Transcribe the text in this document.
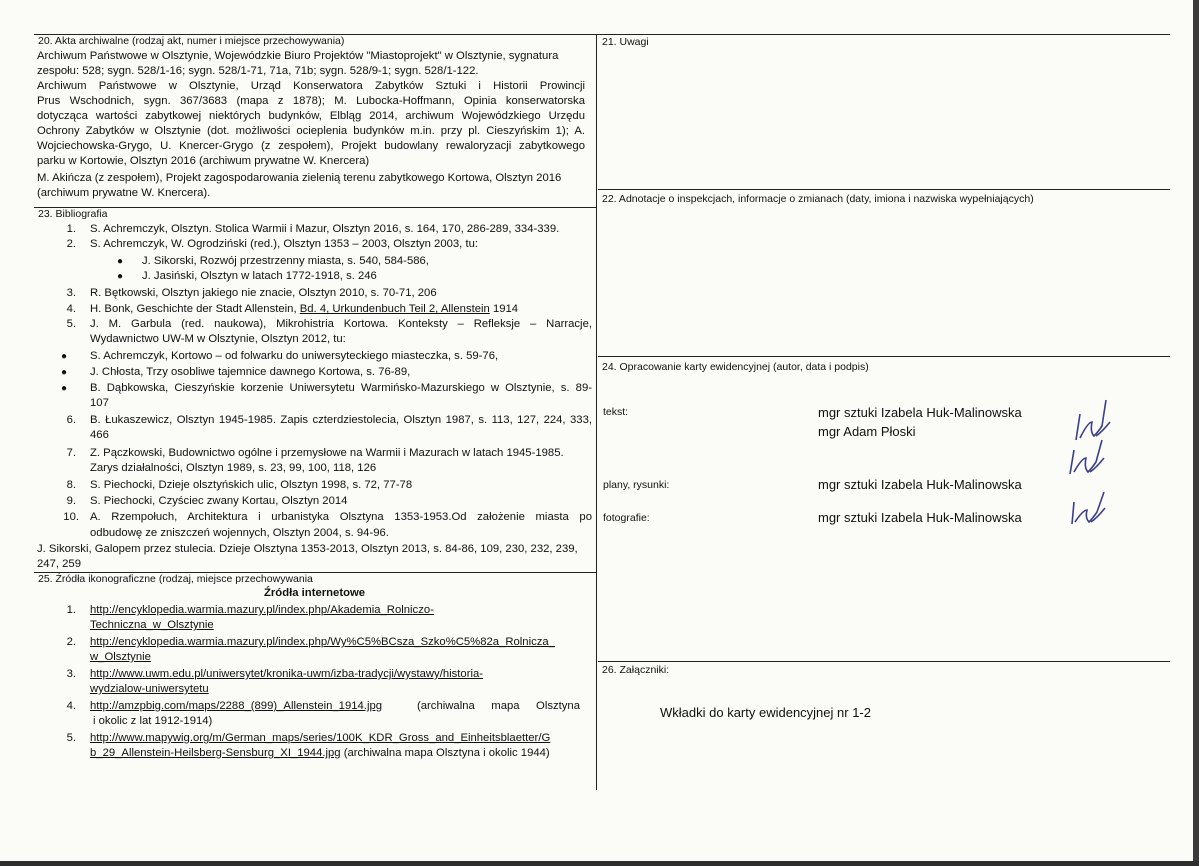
20. Akta archiwalne (rodzaj akt, numer i miejsce przechowywania)
Archiwum Państwowe w Olsztynie, Wojewódzkie Biuro Projektów "Miastoprojekt" w Olsztynie, sygnatura
zespołu: 528; sygn. 528/1-16; sygn. 528/1-71, 71a, 71b; sygn. 528/9-1; sygn. 528/1-122.
Archiwum Państwowe w Olsztynie, Urząd Konserwatora Zabytków Sztuki i Historii Prowincji
Prus Wschodnich, sygn. 367/3683 (mapa z 1878); M. Lubocka-Hoffmann, Opinia konserwatorska
dotycząca wartości zabytkowej niektórych budynków, Elbląg 2014, archiwum Wojewódzkiego Urzędu
Ochrony Zabytków w Olsztynie (dot. możliwości ocieplenia budynków m.in. przy pl. Cieszyńskim 1); A.
Wojciechowska-Grygo, U. Knercer-Grygo (z zespołem), Projekt budowlany rewaloryzacji zabytkowego
parku w Kortowie, Olsztyn 2016 (archiwum prywatne W. Knercera)
M. Akińcza (z zespołem), Projekt zagospodarowania zielenią terenu zabytkowego Kortowa, Olsztyn 2016
(archiwum prywatne W. Knercera).
23. Bibliografia
1. S. Achremczyk, Olsztyn. Stolica Warmii i Mazur, Olsztyn 2016, s. 164, 170, 286-289, 334-339.
2. S. Achremczyk, W. Ogrodziński (red.), Olsztyn 1353 – 2003, Olsztyn 2003, tu:
● J. Sikorski, Rozwój przestrzenny miasta, s. 540, 584-586,
● J. Jasiński, Olsztyn w latach 1772-1918, s. 246
3. R. Bętkowski, Olsztyn jakiego nie znacie, Olsztyn 2010, s. 70-71, 206
4. H. Bonk, Geschichte der Stadt Allenstein, Bd. 4, Urkundenbuch Teil 2, Allenstein 1914
5. J. M. Garbula (red. naukowa), Mikrohistria Kortowa. Konteksty – Refleksje – Narracje,
Wydawnictwo UW-M w Olsztynie, Olsztyn 2012, tu:
● S. Achremczyk, Kortowo – od folwarku do uniwersyteckiego miasteczka, s. 59-76,
● J. Chłosta, Trzy osobliwe tajemnice dawnego Kortowa, s. 76-89,
● B. Dąbkowska, Cieszyńskie korzenie Uniwersytetu Warmińsko-Mazurskiego w Olsztynie, s. 89-
107
6. B. Łukaszewicz, Olsztyn 1945-1985. Zapis czterdziestolecia, Olsztyn 1987, s. 113, 127, 224, 333,
466
7. Z. Pączkowski, Budownictwo ogólne i przemysłowe na Warmii i Mazurach w latach 1945-1985.
Zarys działalności, Olsztyn 1989, s. 23, 99, 100, 118, 126
8. S. Piechocki, Dzieje olsztyńskich ulic, Olsztyn 1998, s. 72, 77-78
9. S. Piechocki, Czyściec zwany Kortau, Olsztyn 2014
10. A. Rzempołuch, Architektura i urbanistyka Olsztyna 1353-1953.Od założenie miasta po
odbudowę ze zniszczeń wojennych, Olsztyn 2004, s. 94-96.
J. Sikorski, Galopem przez stulecia. Dzieje Olsztyna 1353-2013, Olsztyn 2013, s. 84-86, 109, 230, 232, 239,
247, 259
25. Źródła ikonograficzne (rodzaj, miejsce przechowywania
Źródła internetowe
1. http://encyklopedia.warmia.mazury.pl/index.php/Akademia_Rolniczo-
Techniczna_w_Olsztynie
2. http://encyklopedia.warmia.mazury.pl/index.php/Wy%C5%BCsza_Szko%C5%82a_Rolnicza_
w_Olsztynie
3. http://www.uwm.edu.pl/uniwersytet/kronika-uwm/izba-tradycji/wystawy/historia-
wydzialow-uniwersytetu
4. http://amzpbig.com/maps/2288_(899)_Allenstein_1914.jpg	(archiwalna mapa Olsztyna
i okolic z lat 1912-1914)
5. http://www.mapywig.org/m/German_maps/series/100K_KDR_Gross_and_Einheitsblaetter/G
b_29_Allenstein-Heilsberg-Sensburg_XI_1944.jpg (archiwalna mapa Olsztyna i okolic 1944)
21. Uwagi
22. Adnotacje o inspekcjach, informacje o zmianach (daty, imiona i nazwiska wypełniających)
24. Opracowanie karty ewidencyjnej (autor, data i podpis)
tekst:	mgr sztuki Izabela Huk-Malinowska
mgr Adam Płoski
plany, rysunki:	mgr sztuki Izabela Huk-Malinowska
fotografie:	mgr sztuki Izabela Huk-Malinowska
26. Załączniki:
Wkładki do karty ewidencyjnej nr 1-2
